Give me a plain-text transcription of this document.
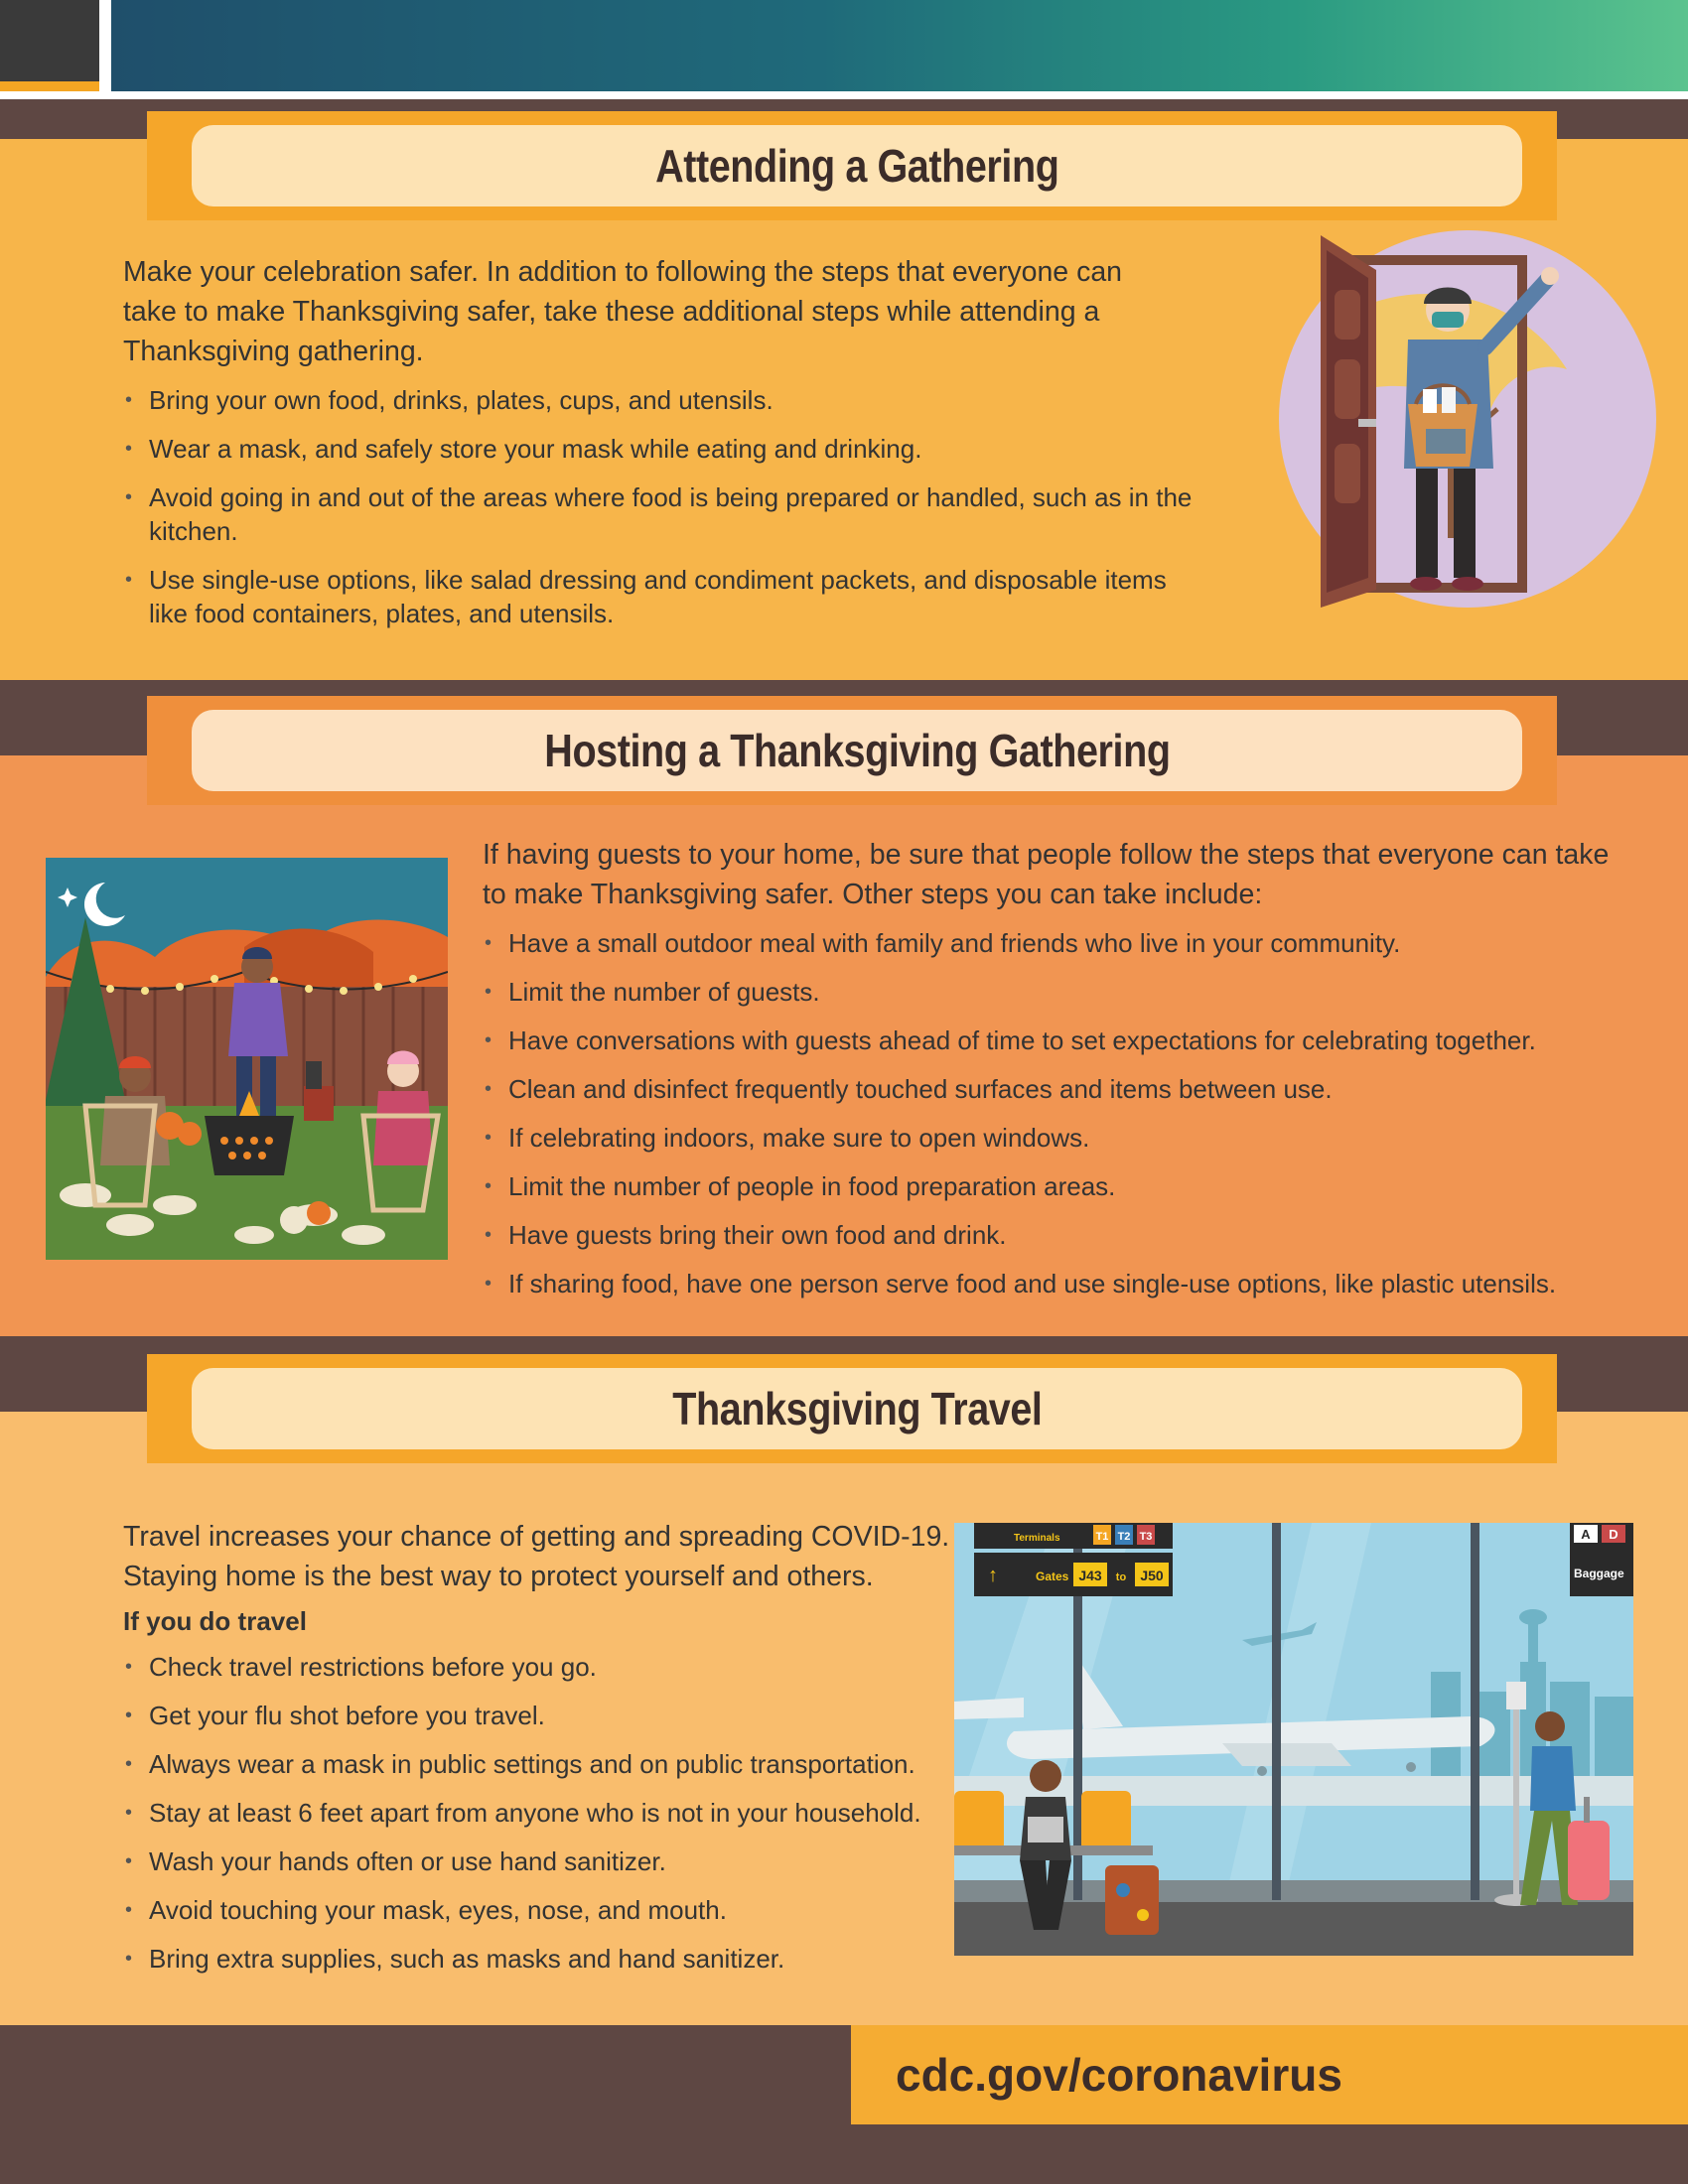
Attending a Gathering

Make your celebration safer. In addition to following the steps that everyone can take to make Thanksgiving safer, take these additional steps while attending a Thanksgiving gathering.

• Bring your own food, drinks, plates, cups, and utensils.
• Wear a mask, and safely store your mask while eating and drinking.
• Avoid going in and out of the areas where food is being prepared or handled, such as in the kitchen.
• Use single-use options, like salad dressing and condiment packets, and disposable items like food containers, plates, and utensils.
Hosting a Thanksgiving Gathering

If having guests to your home, be sure that people follow the steps that everyone can take to make Thanksgiving safer. Other steps you can take include:

• Have a small outdoor meal with family and friends who live in your community.
• Limit the number of guests.
• Have conversations with guests ahead of time to set expectations for celebrating together.
• Clean and disinfect frequently touched surfaces and items between use.
• If celebrating indoors, make sure to open windows.
• Limit the number of people in food preparation areas.
• Have guests bring their own food and drink.
• If sharing food, have one person serve food and use single-use options, like plastic utensils.
Thanksgiving Travel

Travel increases your chance of getting and spreading COVID-19. Staying home is the best way to protect yourself and others.

If you do travel

• Check travel restrictions before you go.
• Get your flu shot before you travel.
• Always wear a mask in public settings and on public transportation.
• Stay at least 6 feet apart from anyone who is not in your household.
• Wash your hands often or use hand sanitizer.
• Avoid touching your mask, eyes, nose, and mouth.
• Bring extra supplies, such as masks and hand sanitizer.
Terminals	T1 T2 T3
↑	Gates J43 to J50
A D
Baggage
cdc.gov/coronavirus
